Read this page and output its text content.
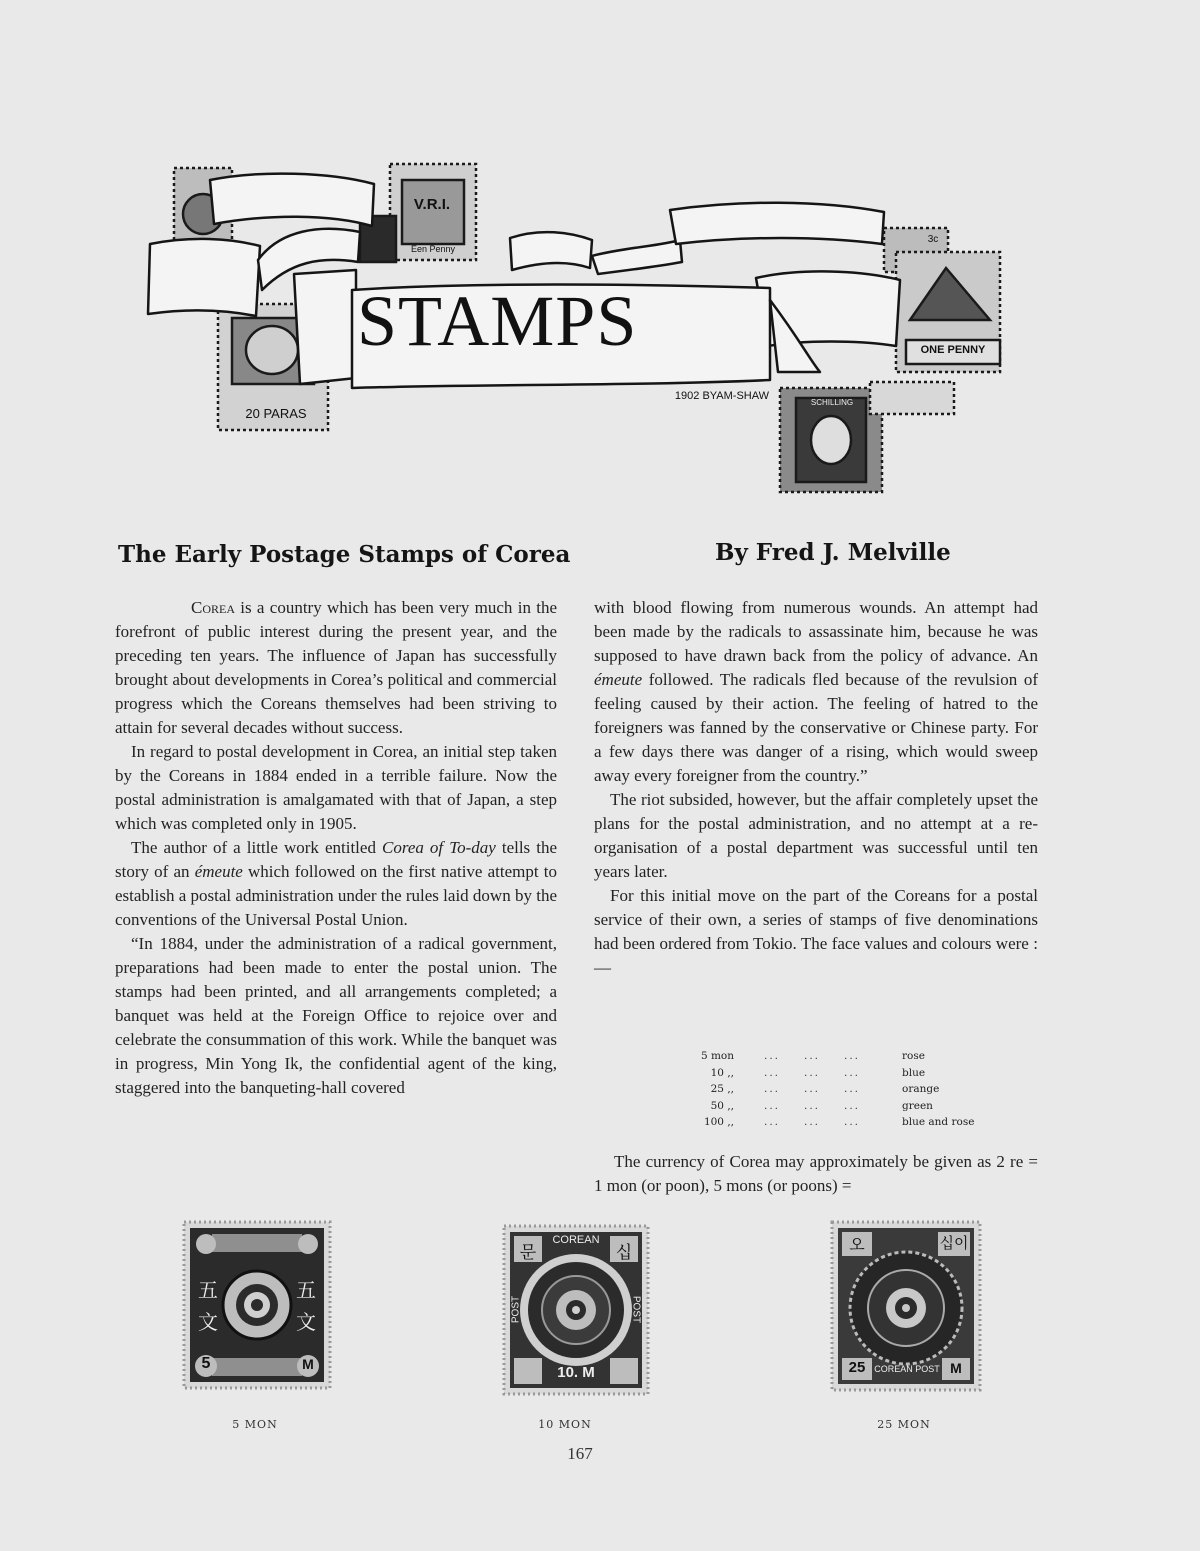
STAMPS
1902 BYAM-SHAW
20 PARAS
V.R.I.
Een Penny
ONE PENNY
3c
SCHILLING
The Early Postage Stamps of Corea	By Fred J. Melville

Corea is a country which has been very much in the forefront of public interest during the present year, and the preceding ten years. The influence of Japan has successfully brought about developments in Corea’s political and commercial progress which the Coreans themselves had been striving to attain for several decades without success.

In regard to postal development in Corea, an initial step taken by the Coreans in 1884 ended in a terrible failure. Now the postal administration is amalgamated with that of Japan, a step which was completed only in 1905.

The author of a little work entitled Corea of To-day tells the story of an émeute which followed on the first native attempt to establish a postal administration under the rules laid down by the conventions of the Universal Postal Union.

“In 1884, under the administration of a radical government, preparations had been made to enter the postal union. The stamps had been printed, and all arrangements completed; a banquet was held at the Foreign Office to rejoice over and celebrate the consummation of this work. While the banquet was in progress, Min Yong Ik, the confidential agent of the king, staggered into the banqueting-hall covered

with blood flowing from numerous wounds. An attempt had been made by the radicals to assassinate him, because he was supposed to have drawn back from the policy of advance. An émeute followed. The radicals fled because of the revulsion of feeling caused by their action. The feeling of hatred to the foreigners was fanned by the conservative or Chinese party. For a few days there was danger of a rising, which would sweep away every foreigner from the country.”

The riot subsided, however, but the affair completely upset the plans for the postal administration, and no attempt at a re-organisation of a postal department was successful until ten years later.

For this initial move on the part of the Coreans for a postal service of their own, a series of stamps of five denominations had been ordered from Tokio. The face values and colours were :—

5 mon	... ... ...	rose
10 ,,	... ... ...	blue
25 ,,	... ... ...	orange
50 ,,	... ... ...	green
100 ,,	... ... ...	blue and rose

The currency of Corea may approximately be given as 2 re = 1 mon (or poon), 5 mons (or poons) =

五	五
文	文
5	M
5 MON
COREAN
문	십
POST	POST
10. M
10 MON
오	십이
25 COREAN POST M
25 MON
167
